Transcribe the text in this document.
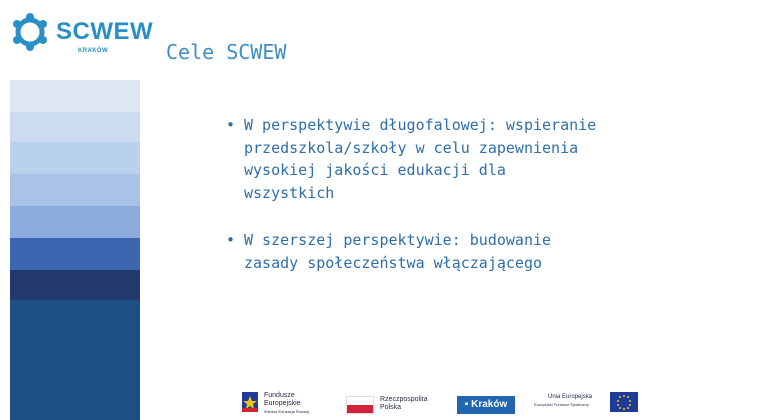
SCWEW
KRAKÓW	Cele SCWEW
• W perspektywie długofalowej: wspieranie
przedszkola/szkoły w celu zapewnienia
wysokiej jakości edukacji dla
wszystkich
• W szerszej perspektywie: budowanie
zasady społeczeństwa włączającego
Fundusze
Europejskie
Wiedza Edukacja Rozwój
Rzeczpospolita
Polska	▪ Kraków
Unia Europejska
Europejski Fundusz Społeczny
